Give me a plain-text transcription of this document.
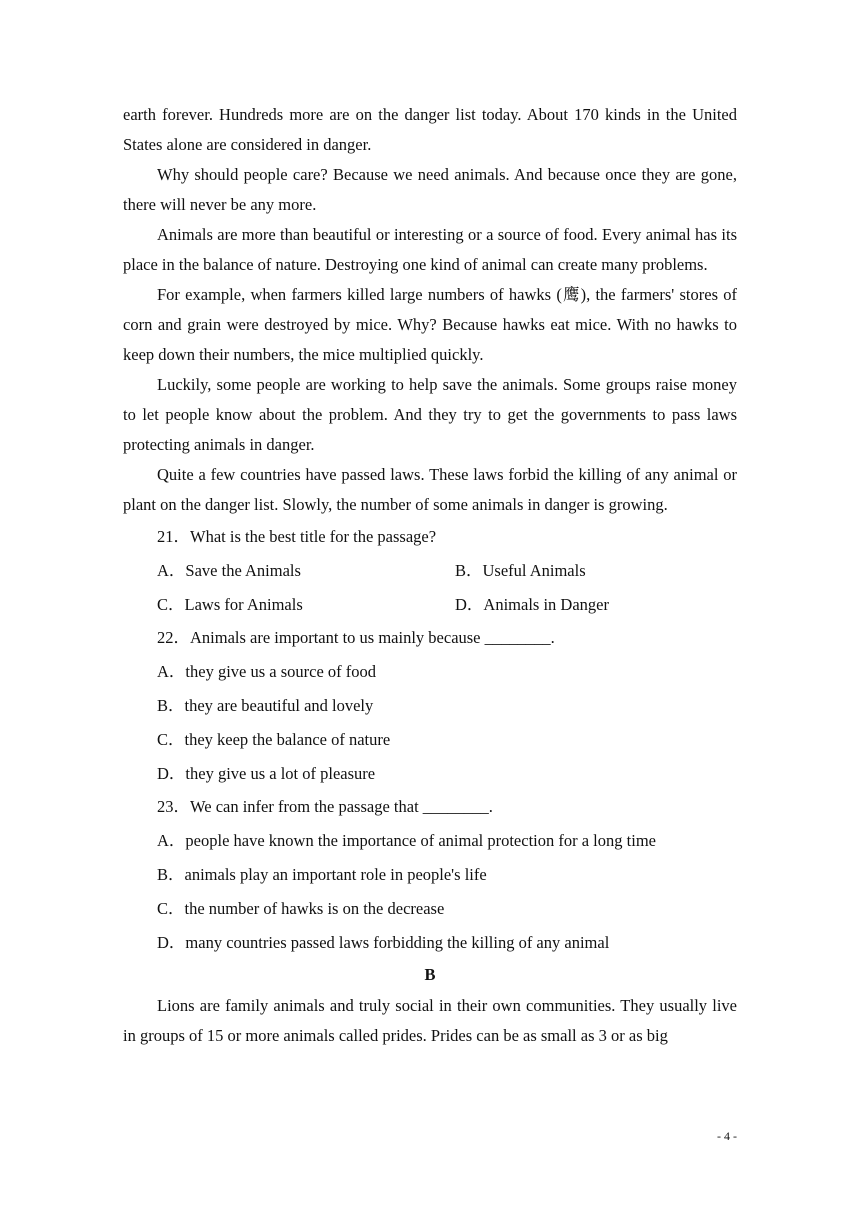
earth forever. Hundreds more are on the danger list today. About 170 kinds in the United States alone are considered in danger.

Why should people care? Because we need animals. And because once they are gone, there will never be any more.

Animals are more than beautiful or interesting or a source of food. Every animal has its place in the balance of nature. Destroying one kind of animal can create many problems.

For example, when farmers killed large numbers of hawks (鹰), the farmers' stores of corn and grain were destroyed by mice. Why? Because hawks eat mice. With no hawks to keep down their numbers, the mice multiplied quickly.

Luckily, some people are working to help save the animals. Some groups raise money to let people know about the problem. And they try to get the governments to pass laws protecting animals in danger.

Quite a few countries have passed laws. These laws forbid the killing of any animal or plant on the danger list. Slowly, the number of some animals in danger is growing.

21．What is the best title for the passage?

A．Save the Animals	B．Useful Animals
C．Laws for Animals	D．Animals in Danger

22．Animals are important to us mainly because ________.

A．they give us a source of food

B．they are beautiful and lovely

C．they keep the balance of nature

D．they give us a lot of pleasure

23．We can infer from the passage that ________.

A．people have known the importance of animal protection for a long time

B．animals play an important role in people's life

C．the number of hawks is on the decrease

D．many countries passed laws forbidding the killing of any animal

B

Lions are family animals and truly social in their own communities. They usually live in groups of 15 or more animals called prides. Prides can be as small as 3 or as big

- 4 -
